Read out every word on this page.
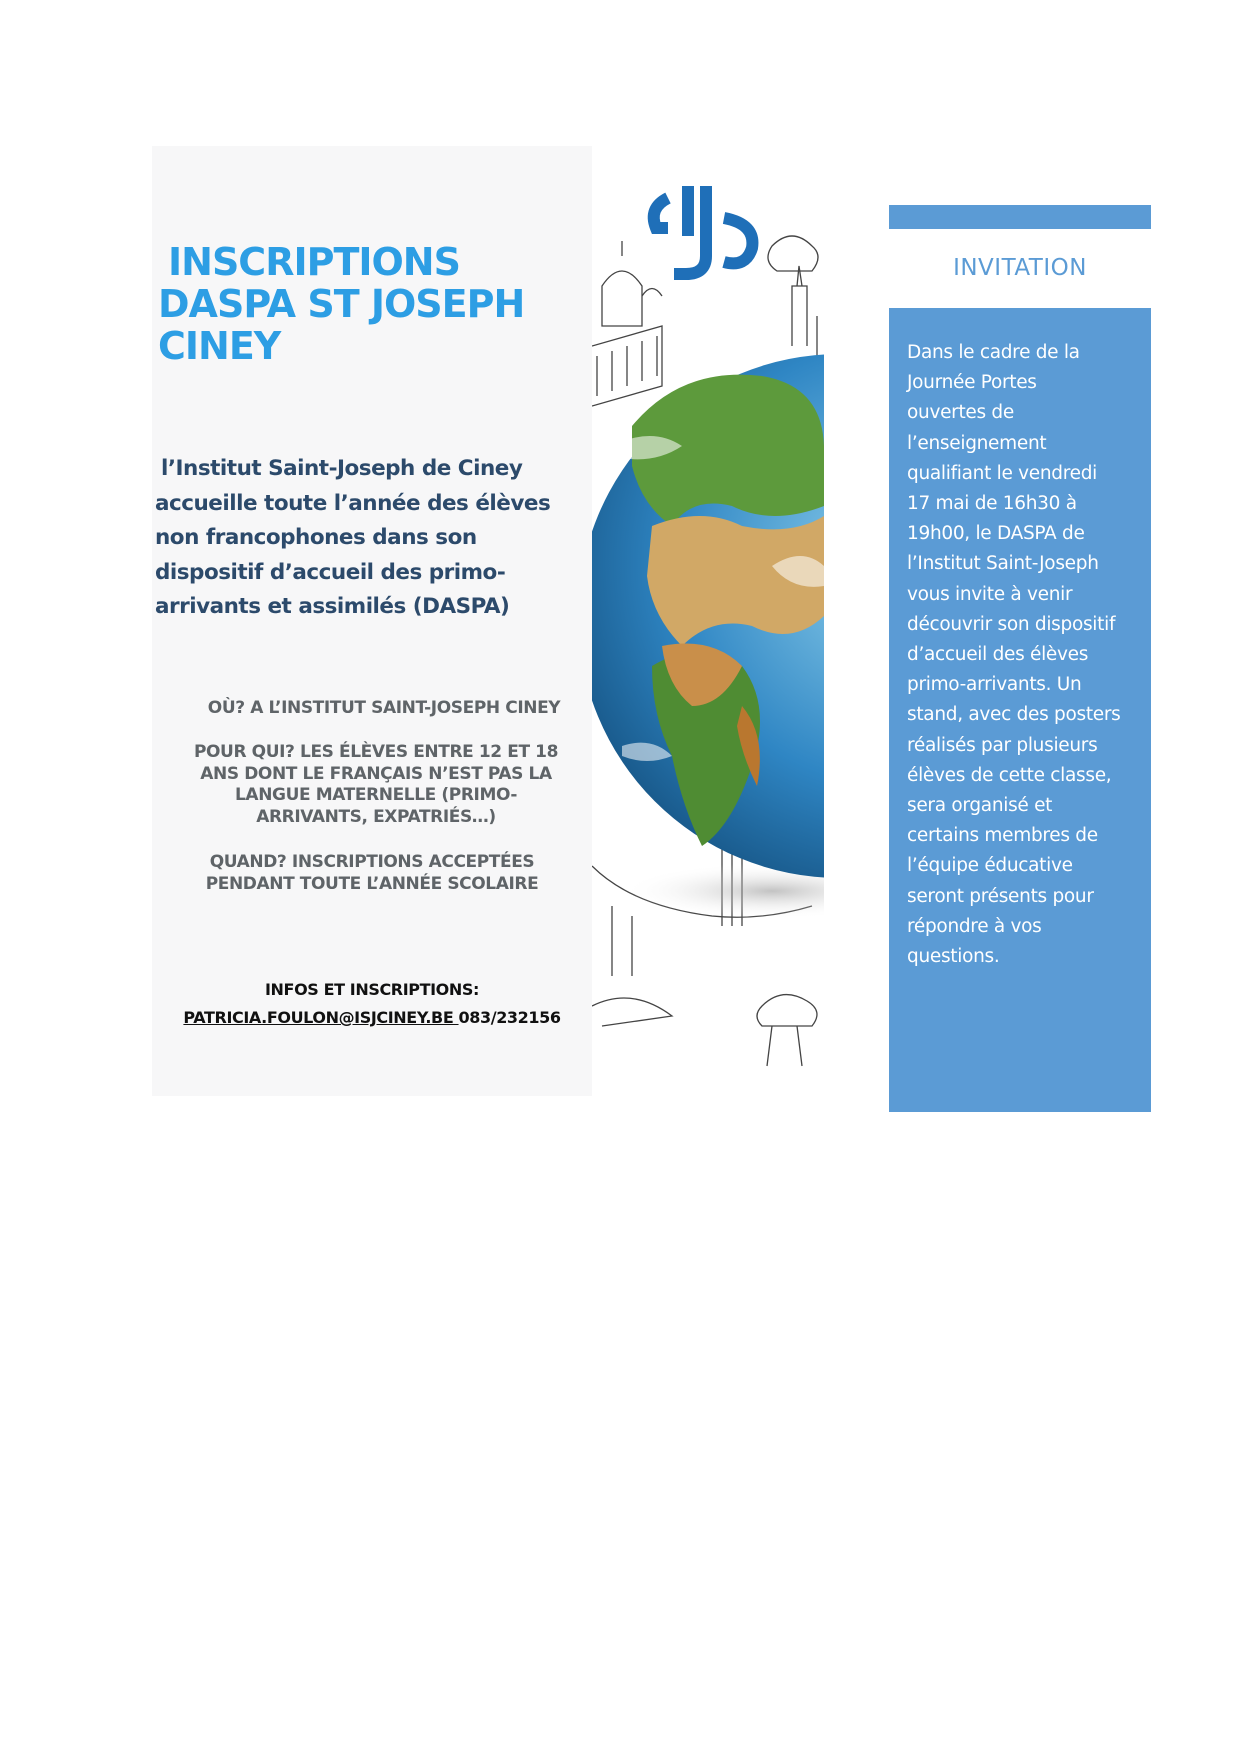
INSCRIPTIONS
DASPA ST JOSEPH
CINEY
l’Institut Saint-Joseph de Ciney
accueille toute l’année des élèves
non francophones dans son
dispositif d’accueil des primo-
arrivants et assimilés (DASPA)
OÙ? A L’INSTITUT SAINT-JOSEPH CINEY
POUR QUI? LES ÉLÈVES ENTRE 12 ET 18
ANS DONT LE FRANÇAIS N’EST PAS LA
LANGUE MATERNELLE (PRIMO-
ARRIVANTS, EXPATRIÉS…)
QUAND? INSCRIPTIONS ACCEPTÉES
PENDANT TOUTE L’ANNÉE SCOLAIRE
INFOS ET INSCRIPTIONS:
PATRICIA.FOULON@ISJCINEY.BE 083/232156
INVITATION
Dans le cadre de la
Journée Portes
ouvertes de
l’enseignement
qualifiant le vendredi
17 mai de 16h30 à
19h00, le DASPA de
l’Institut Saint-Joseph
vous invite à venir
découvrir son dispositif
d’accueil des élèves
primo-arrivants. Un
stand, avec des posters
réalisés par plusieurs
élèves de cette classe,
sera organisé et
certains membres de
l’équipe éducative
seront présents pour
répondre à vos
questions.
